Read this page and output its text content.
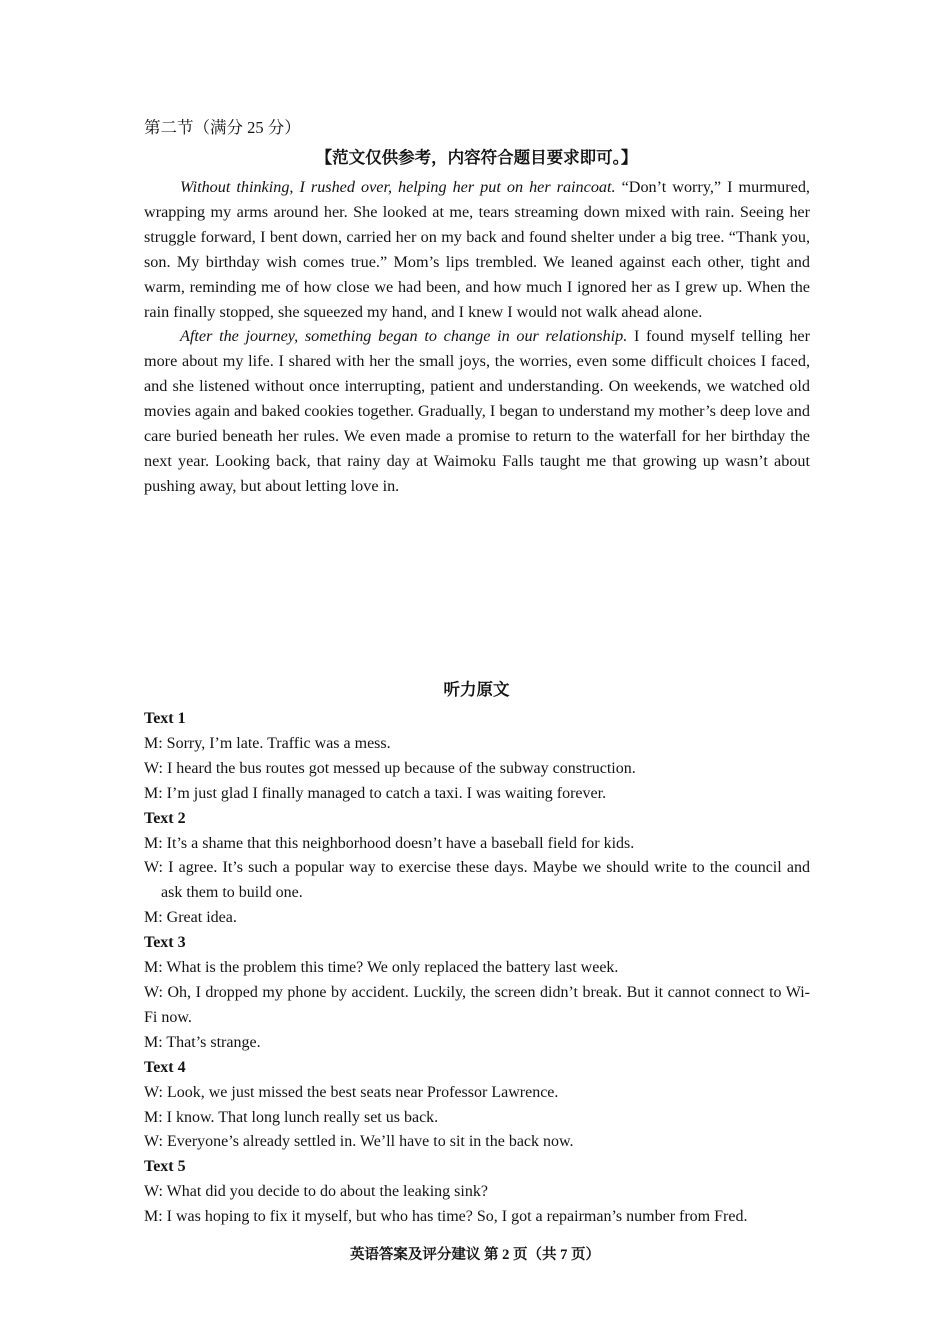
第二节（满分 25 分）
【范文仅供参考，内容符合题目要求即可。】

Without thinking, I rushed over, helping her put on her raincoat. “Don’t worry,” I murmured, wrapping my arms around her. She looked at me, tears streaming down mixed with rain. Seeing her struggle forward, I bent down, carried her on my back and found shelter under a big tree. “Thank you, son. My birthday wish comes true.” Mom’s lips trembled. We leaned against each other, tight and warm, reminding me of how close we had been, and how much I ignored her as I grew up. When the rain finally stopped, she squeezed my hand, and I knew I would not walk ahead alone.

After the journey, something began to change in our relationship. I found myself telling her more about my life. I shared with her the small joys, the worries, even some difficult choices I faced, and she listened without once interrupting, patient and understanding. On weekends, we watched old movies again and baked cookies together. Gradually, I began to understand my mother’s deep love and care buried beneath her rules. We even made a promise to return to the waterfall for her birthday the next year. Looking back, that rainy day at Waimoku Falls taught me that growing up wasn’t about pushing away, but about letting love in.

听力原文
Text 1
M: Sorry, I’m late. Traffic was a mess.
W: I heard the bus routes got messed up because of the subway construction.
M: I’m just glad I finally managed to catch a taxi. I was waiting forever.
Text 2
M: It’s a shame that this neighborhood doesn’t have a baseball field for kids.
W: I agree. It’s such a popular way to exercise these days. Maybe we should write to the council and ask them to build one.
M: Great idea.
Text 3
M: What is the problem this time? We only replaced the battery last week.
W: Oh, I dropped my phone by accident. Luckily, the screen didn’t break. But it cannot connect to Wi-Fi now.
M: That’s strange.
Text 4
W: Look, we just missed the best seats near Professor Lawrence.
M: I know. That long lunch really set us back.
W: Everyone’s already settled in. We’ll have to sit in the back now.
Text 5
W: What did you decide to do about the leaking sink?
M: I was hoping to fix it myself, but who has time? So, I got a repairman’s number from Fred.
英语答案及评分建议 第 2 页（共 7 页）
